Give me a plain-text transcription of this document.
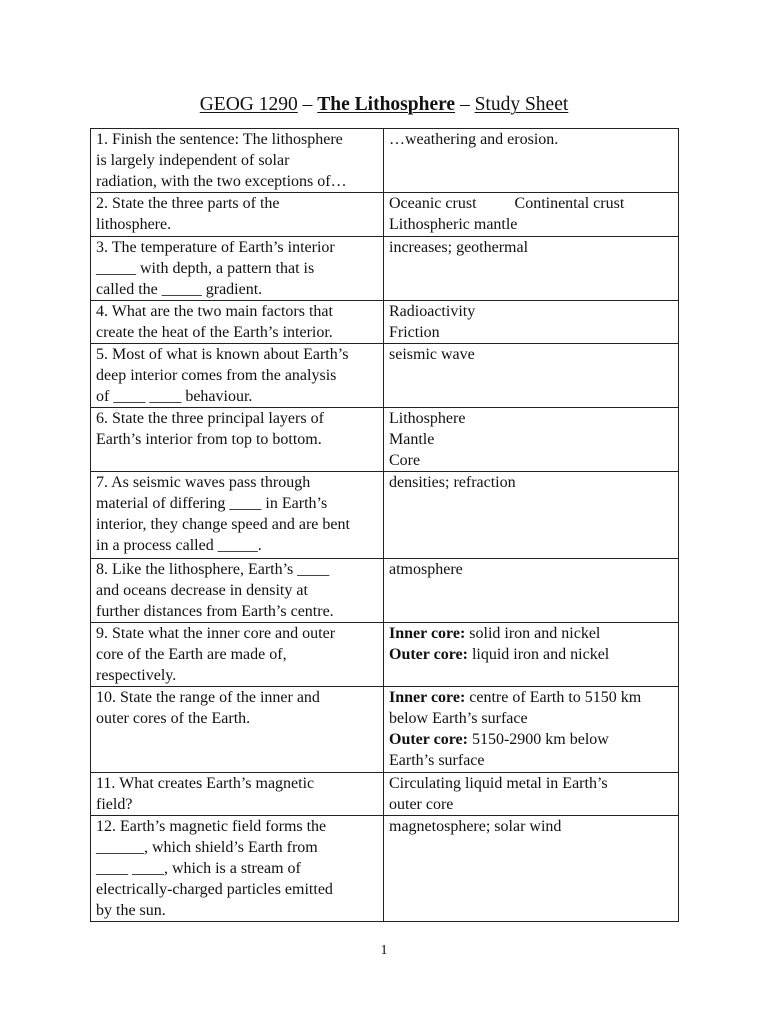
GEOG 1290 – The Lithosphere – Study Sheet
1. Finish the sentence: The lithosphere
is largely independent of solar
radiation, with the two exceptions of…	…weathering and erosion.

2. State the three parts of the
lithosphere.	Oceanic crust Continental crust
Lithospheric mantle

3. The temperature of Earth’s interior
_____ with depth, a pattern that is
called the _____ gradient.	increases; geothermal

4. What are the two main factors that
create the heat of the Earth’s interior.	Radioactivity
Friction

5. Most of what is known about Earth’s
deep interior comes from the analysis
of ____ ____ behaviour.	seismic wave

6. State the three principal layers of
Earth’s interior from top to bottom.	Lithosphere
Mantle
Core

7. As seismic waves pass through
material of differing ____ in Earth’s
interior, they change speed and are bent
in a process called _____.	densities; refraction

8. Like the lithosphere, Earth’s ____
and oceans decrease in density at
further distances from Earth’s centre.	atmosphere

9. State what the inner core and outer
core of the Earth are made of,
respectively.	Inner core: solid iron and nickel
Outer core: liquid iron and nickel

10. State the range of the inner and
outer cores of the Earth.	Inner core: centre of Earth to 5150 km
below Earth’s surface
Outer core: 5150-2900 km below
Earth’s surface

11. What creates Earth’s magnetic
field?	Circulating liquid metal in Earth’s
outer core

12. Earth’s magnetic field forms the
______, which shield’s Earth from
____ ____, which is a stream of
electrically-charged particles emitted
by the sun.	magnetosphere; solar wind
1
